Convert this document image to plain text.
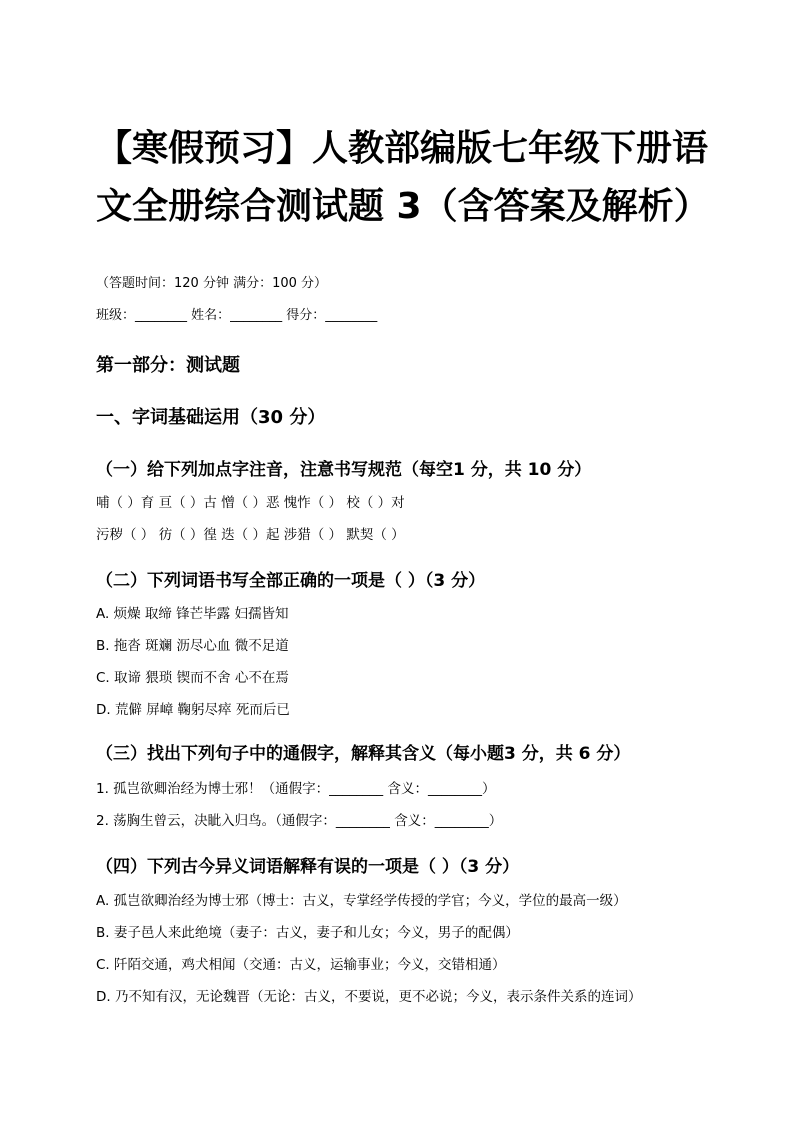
【寒假预习】人教部编版七年级下册语
文全册综合测试题 3（含答案及解析）
（答题时间：120 分钟 满分：100 分）
班级：________ 姓名：________ 得分：________
第一部分：测试题
一、字词基础运用（30 分）
（一）给下列加点字注音，注意书写规范（每空1 分，共 10 分）
哺（ ）育 亘（ ）古 憎（ ）恶 愧怍（ ） 校（ ）对
污秽（ ） 彷（ ）徨 迭（ ）起 涉猎（ ） 默契（ ）
（二）下列词语书写全部正确的一项是（ ）（3 分）
A. 烦燥 取缔 锋芒毕露 妇孺皆知
B. 拖沓 斑斓 沥尽心血 微不足道
C. 取谛 猥琐 锲而不舍 心不在焉
D. 荒僻 屏嶂 鞠躬尽瘁 死而后已
（三）找出下列句子中的通假字，解释其含义（每小题3 分，共 6 分）
1. 孤岂欲卿治经为博士邪！（通假字：________ 含义：________）
2. 荡胸生曾云，决眦入归鸟。（通假字：________ 含义：________）
（四）下列古今异义词语解释有误的一项是（ ）（3 分）
A. 孤岂欲卿治经为博士邪（博士：古义，专掌经学传授的学官；今义，学位的最高一级）
B. 妻子邑人来此绝境（妻子：古义，妻子和儿女；今义，男子的配偶）
C. 阡陌交通，鸡犬相闻（交通：古义，运输事业；今义，交错相通）
D. 乃不知有汉，无论魏晋（无论：古义，不要说，更不必说；今义，表示条件关系的连词）
